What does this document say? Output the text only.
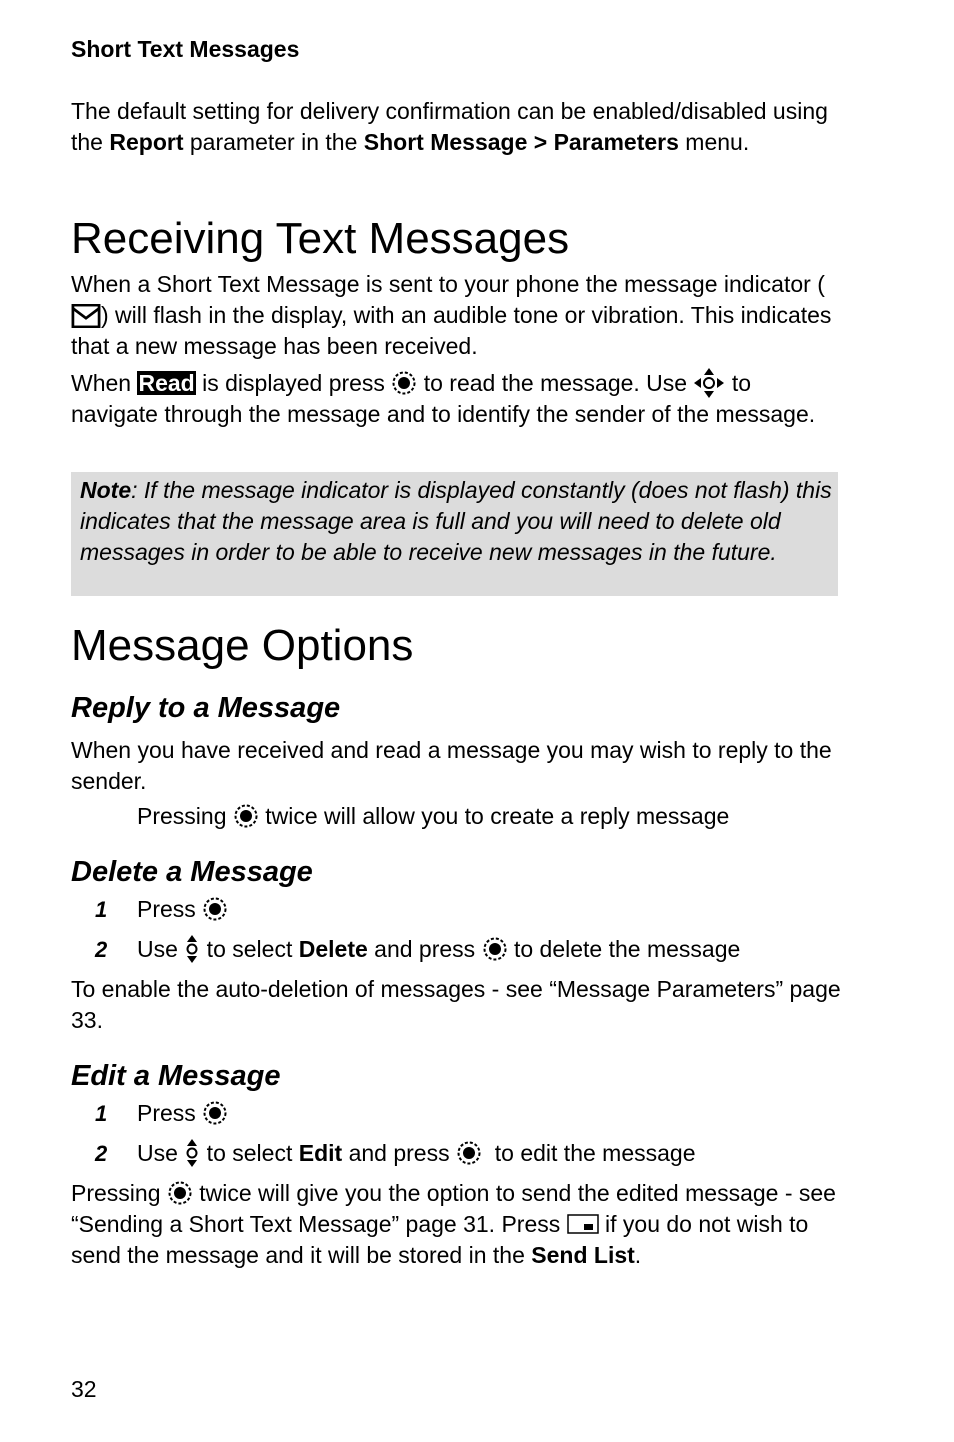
Short Text Messages

The default setting for delivery confirmation can be enabled/disabled using the Report parameter in the Short Message > Parameters menu.

Receiving Text Messages

When a Short Text Message is sent to your phone the message indicator () will flash in the display, with an audible tone or vibration. This indicates that a new message has been received.

When Read is displayed press  to read the message. Use  to navigate through the message and to identify the sender of the message.

Note: If the message indicator is displayed constantly (does not flash) this indicates that the message area is full and you will need to delete old messages in order to be able to receive new messages in the future.
Message Options
Reply to a Message

When you have received and read a message you may wish to reply to the sender.

Pressing  twice will allow you to create a reply message
Delete a Message
1 Press
2 Use  to select Delete and press  to delete the message

To enable the auto-deletion of messages - see “Message Parameters” page 33.

Edit a Message
1 Press
2 Use  to select Edit and press   to edit the message

Pressing  twice will give you the option to send the edited message - see “Sending a Short Text Message” page 31. Press  if you do not wish to send the message and it will be stored in the Send List.

32
